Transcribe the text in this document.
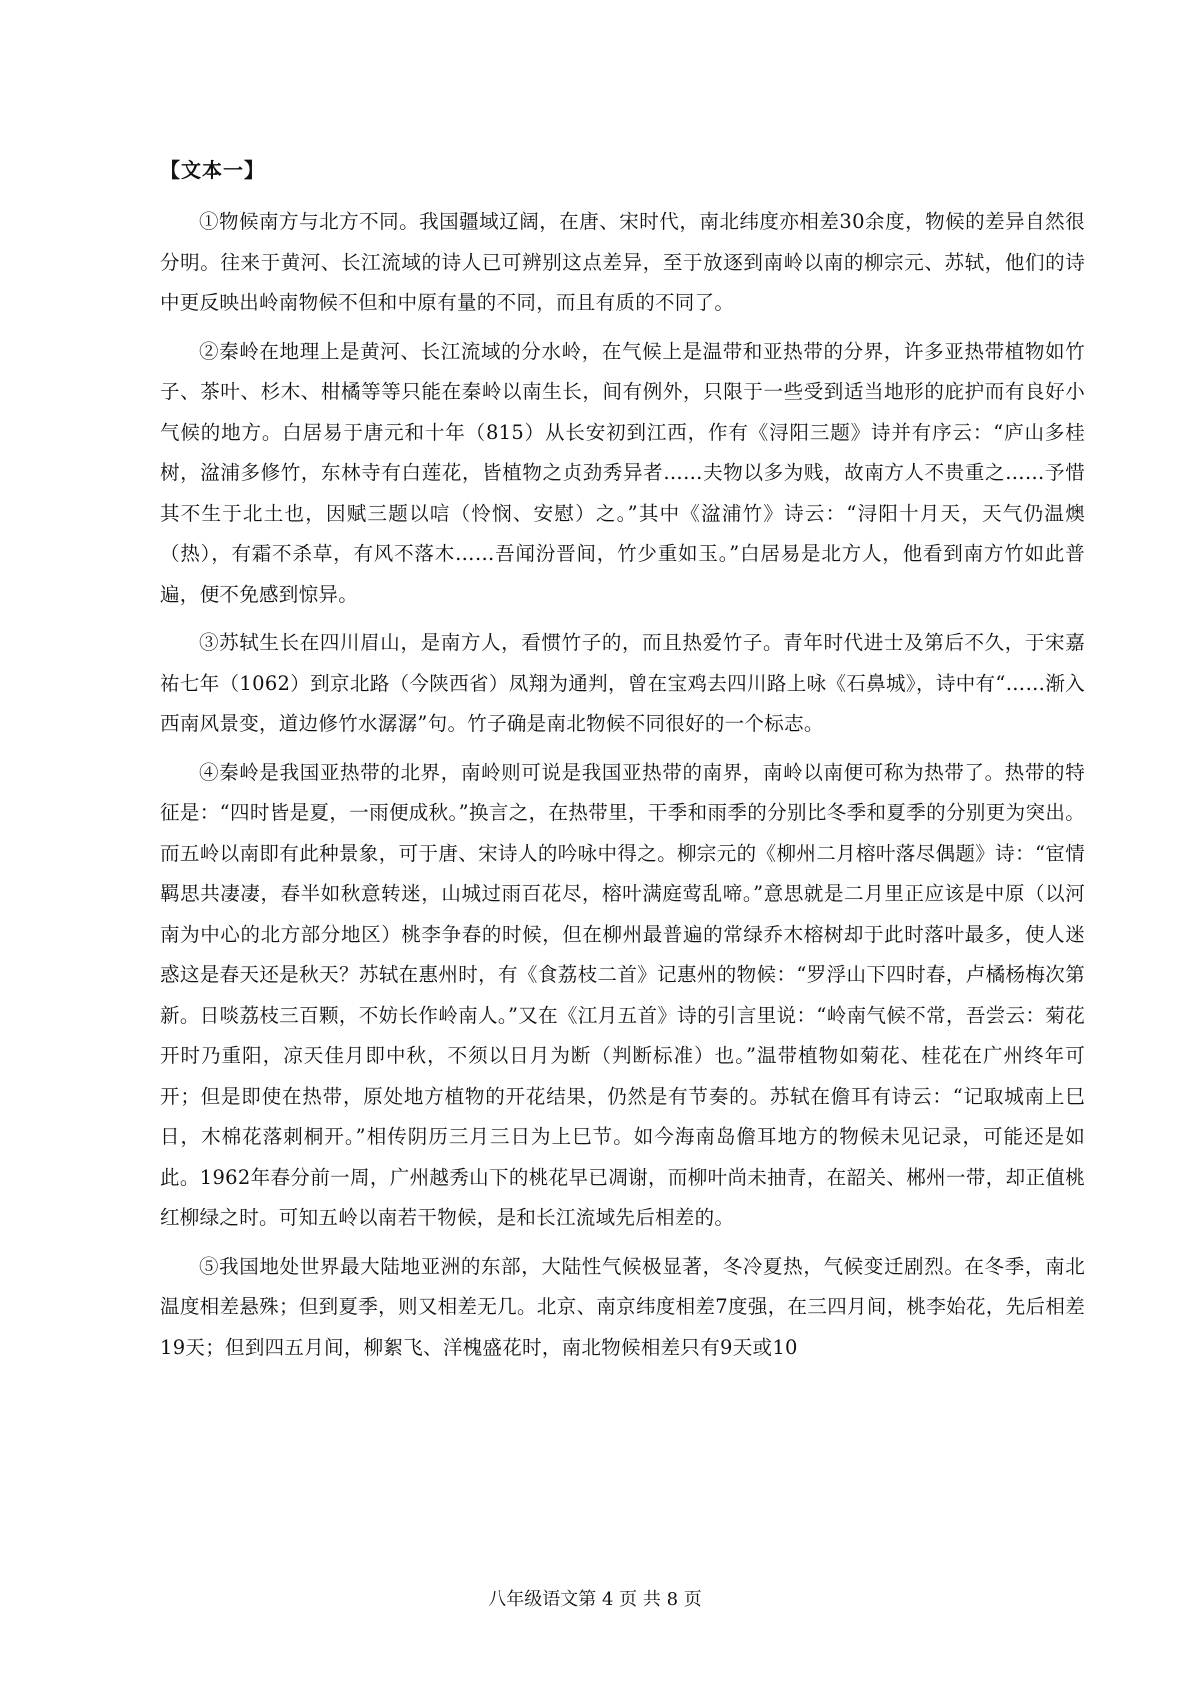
【文本一】

①物候南方与北方不同。我国疆域辽阔，在唐、宋时代，南北纬度亦相差30余度，物候的差异自然很分明。往来于黄河、长江流域的诗人已可辨别这点差异，至于放逐到南岭以南的柳宗元、苏轼，他们的诗中更反映出岭南物候不但和中原有量的不同，而且有质的不同了。

②秦岭在地理上是黄河、长江流域的分水岭，在气候上是温带和亚热带的分界，许多亚热带植物如竹子、茶叶、杉木、柑橘等等只能在秦岭以南生长，间有例外，只限于一些受到适当地形的庇护而有良好小气候的地方。白居易于唐元和十年（815）从长安初到江西，作有《浔阳三题》诗并有序云：“庐山多桂树，湓浦多修竹，东林寺有白莲花，皆植物之贞劲秀异者……夫物以多为贱，故南方人不贵重之……予惜其不生于北土也，因赋三题以唁（怜悯、安慰）之。”其中《湓浦竹》诗云：“浔阳十月天，天气仍温燠（热），有霜不杀草，有风不落木……吾闻汾晋间，竹少重如玉。”白居易是北方人，他看到南方竹如此普遍，便不免感到惊异。

③苏轼生长在四川眉山，是南方人，看惯竹子的，而且热爱竹子。青年时代进士及第后不久，于宋嘉祐七年（1062）到京北路（今陕西省）凤翔为通判，曾在宝鸡去四川路上咏《石鼻城》，诗中有“……渐入西南风景变，道边修竹水潺潺”句。竹子确是南北物候不同很好的一个标志。

④秦岭是我国亚热带的北界，南岭则可说是我国亚热带的南界，南岭以南便可称为热带了。热带的特征是：“四时皆是夏，一雨便成秋。”换言之，在热带里，干季和雨季的分别比冬季和夏季的分别更为突出。而五岭以南即有此种景象，可于唐、宋诗人的吟咏中得之。柳宗元的《柳州二月榕叶落尽偶题》诗：“宦情羁思共凄凄，春半如秋意转迷，山城过雨百花尽，榕叶满庭莺乱啼。”意思就是二月里正应该是中原（以河南为中心的北方部分地区）桃李争春的时候，但在柳州最普遍的常绿乔木榕树却于此时落叶最多，使人迷惑这是春天还是秋天？苏轼在惠州时，有《食荔枝二首》记惠州的物候：“罗浮山下四时春，卢橘杨梅次第新。日啖荔枝三百颗，不妨长作岭南人。”又在《江月五首》诗的引言里说：“岭南气候不常，吾尝云：菊花开时乃重阳，凉天佳月即中秋，不须以日月为断（判断标准）也。”温带植物如菊花、桂花在广州终年可开；但是即使在热带，原处地方植物的开花结果，仍然是有节奏的。苏轼在儋耳有诗云：“记取城南上巳日，木棉花落刺桐开。”相传阴历三月三日为上巳节。如今海南岛儋耳地方的物候未见记录，可能还是如此。1962年春分前一周，广州越秀山下的桃花早已凋谢，而柳叶尚未抽青，在韶关、郴州一带，却正值桃红柳绿之时。可知五岭以南若干物候，是和长江流域先后相差的。

⑤我国地处世界最大陆地亚洲的东部，大陆性气候极显著，冬冷夏热，气候变迁剧烈。在冬季，南北温度相差悬殊；但到夏季，则又相差无几。北京、南京纬度相差7度强，在三四月间，桃李始花，先后相差19天；但到四五月间，柳絮飞、洋槐盛花时，南北物候相差只有9天或10

八年级语文第 4 页 共 8 页
